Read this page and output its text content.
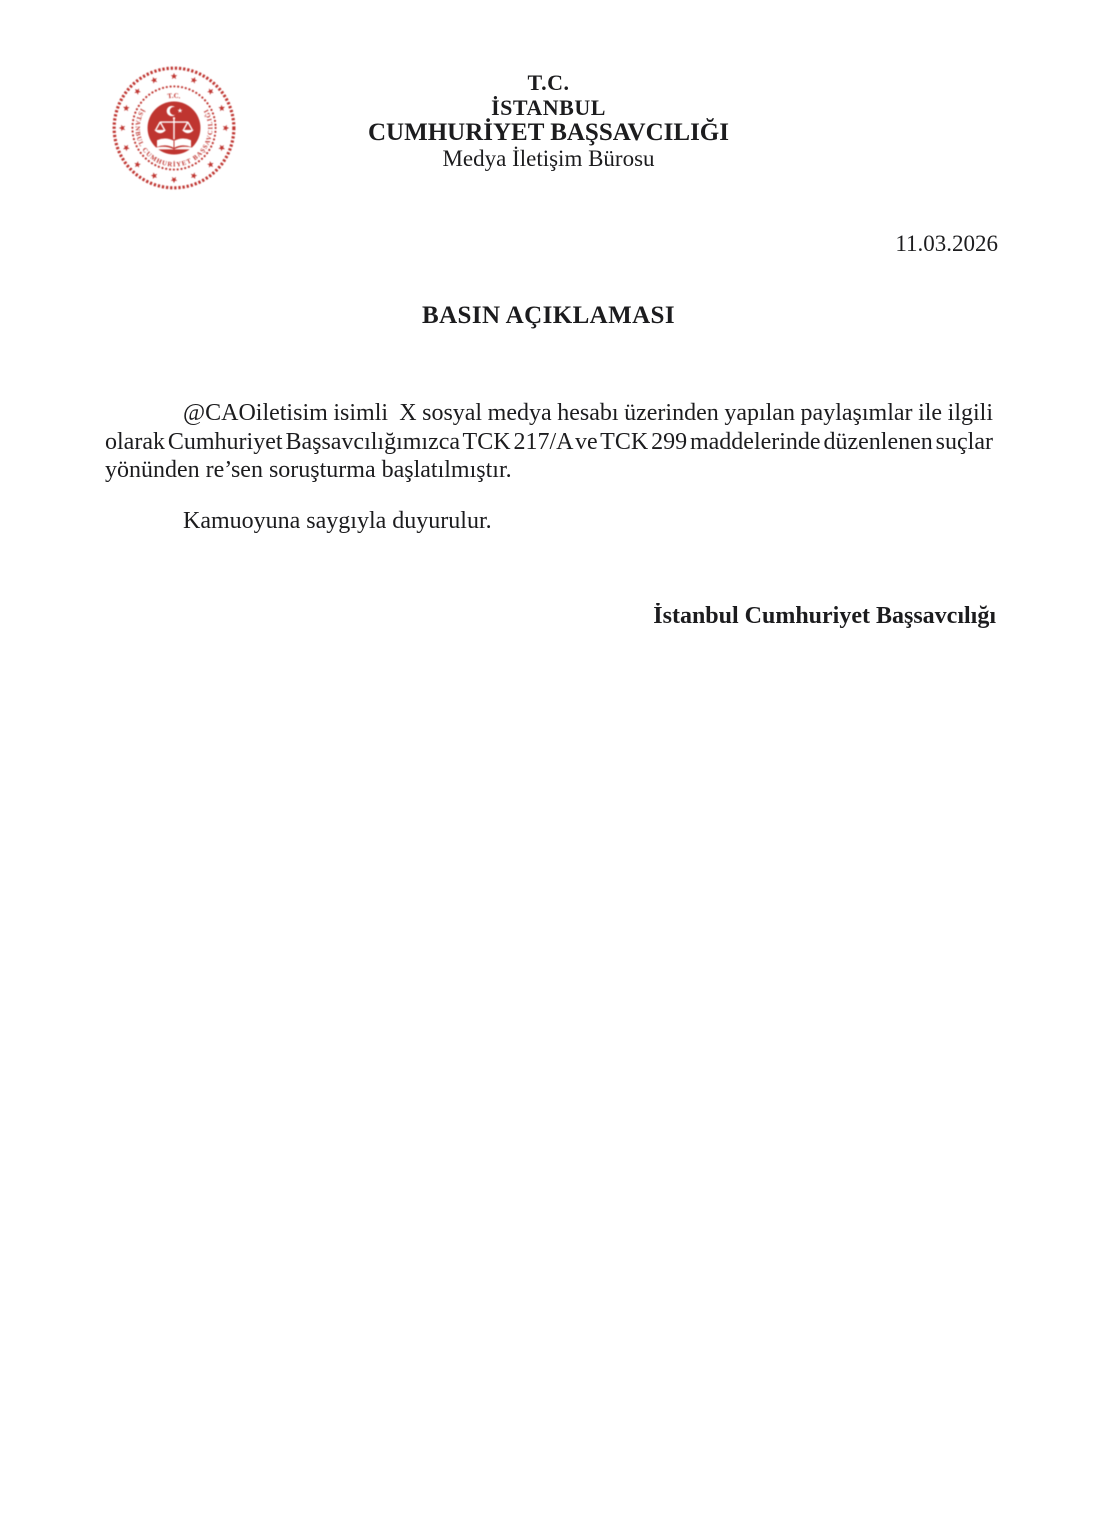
T.C.
İSTANBUL CUMHURİYET BAŞSAVCILIĞI
T.C.
İSTANBUL
CUMHURİYET BAŞSAVCILIĞI
Medya İletişim Bürosu
11.03.2026
BASIN AÇIKLAMASI
@CAOiletisim isimli  X sosyal medya hesabı üzerinden yapılan paylaşımlar ile ilgili
olarak Cumhuriyet Başsavcılığımızca TCK 217/A ve TCK 299 maddelerinde düzenlenen suçlar
yönünden re’sen soruşturma başlatılmıştır.
Kamuoyuna saygıyla duyurulur.
İstanbul Cumhuriyet Başsavcılığı
